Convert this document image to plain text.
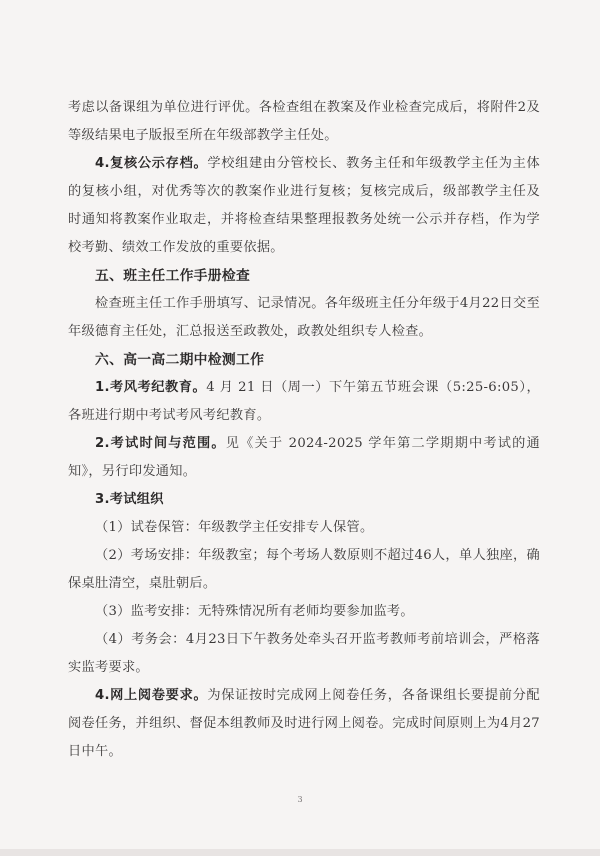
考虑以备课组为单位进行评优。各检查组在教案及作业检查完成后，将附件2及等级结果电子版报至所在年级部教学主任处。

4.复核公示存档。学校组建由分管校长、教务主任和年级教学主任为主体的复核小组，对优秀等次的教案作业进行复核；复核完成后，级部教学主任及时通知将教案作业取走，并将检查结果整理报教务处统一公示并存档，作为学校考勤、绩效工作发放的重要依据。

五、班主任工作手册检查

检查班主任工作手册填写、记录情况。各年级班主任分年级于4月22日交至年级德育主任处，汇总报送至政教处，政教处组织专人检查。

六、高一高二期中检测工作

1.考风考纪教育。4 月 21 日（周一）下午第五节班会课（5:25-6:05），各班进行期中考试考风考纪教育。

2.考试时间与范围。见《关于 2024-2025 学年第二学期期中考试的通知》，另行印发通知。

3.考试组织

（1）试卷保管：年级教学主任安排专人保管。

（2）考场安排：年级教室；每个考场人数原则不超过46人，单人独座，确保桌肚清空，桌肚朝后。

（3）监考安排：无特殊情况所有老师均要参加监考。

（4）考务会：4月23日下午教务处牵头召开监考教师考前培训会，严格落实监考要求。

4.网上阅卷要求。为保证按时完成网上阅卷任务，各备课组长要提前分配阅卷任务，并组织、督促本组教师及时进行网上阅卷。完成时间原则上为4月27日中午。

3
